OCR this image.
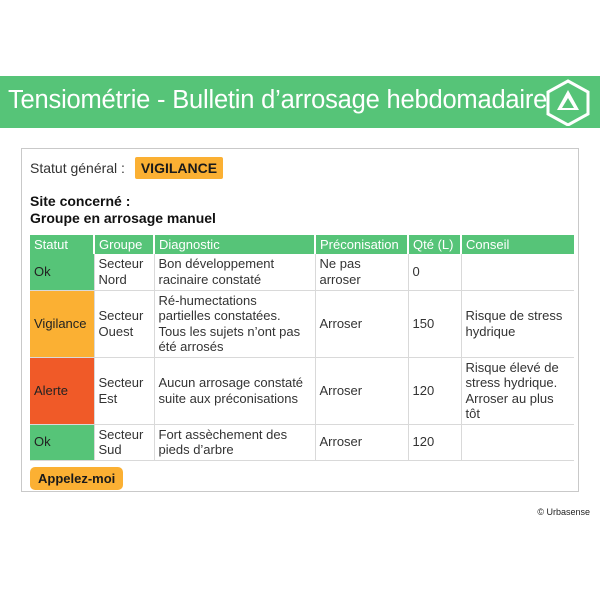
Tensiométrie - Bulletin d’arrosage hebdomadaire
Statut général : VIGILANCE
Site concerné :
Groupe en arrosage manuel
Statut	Groupe	Diagnostic	Préconisation	Qté (L)	Conseil
Ok	Secteur Nord	Bon développement racinaire constaté	Ne pas arroser	0	
Vigilance	Secteur Ouest	Ré-humectations partielles constatées. Tous les sujets n’ont pas été arrosés	Arroser	150	Risque de stress hydrique
Alerte	Secteur Est	Aucun arrosage constaté suite aux préconisations	Arroser	120	Risque élevé de stress hydrique. Arroser au plus tôt
Ok	Secteur Sud	Fort assèchement des pieds d’arbre	Arroser	120	
Appelez-moi
© Urbasense
